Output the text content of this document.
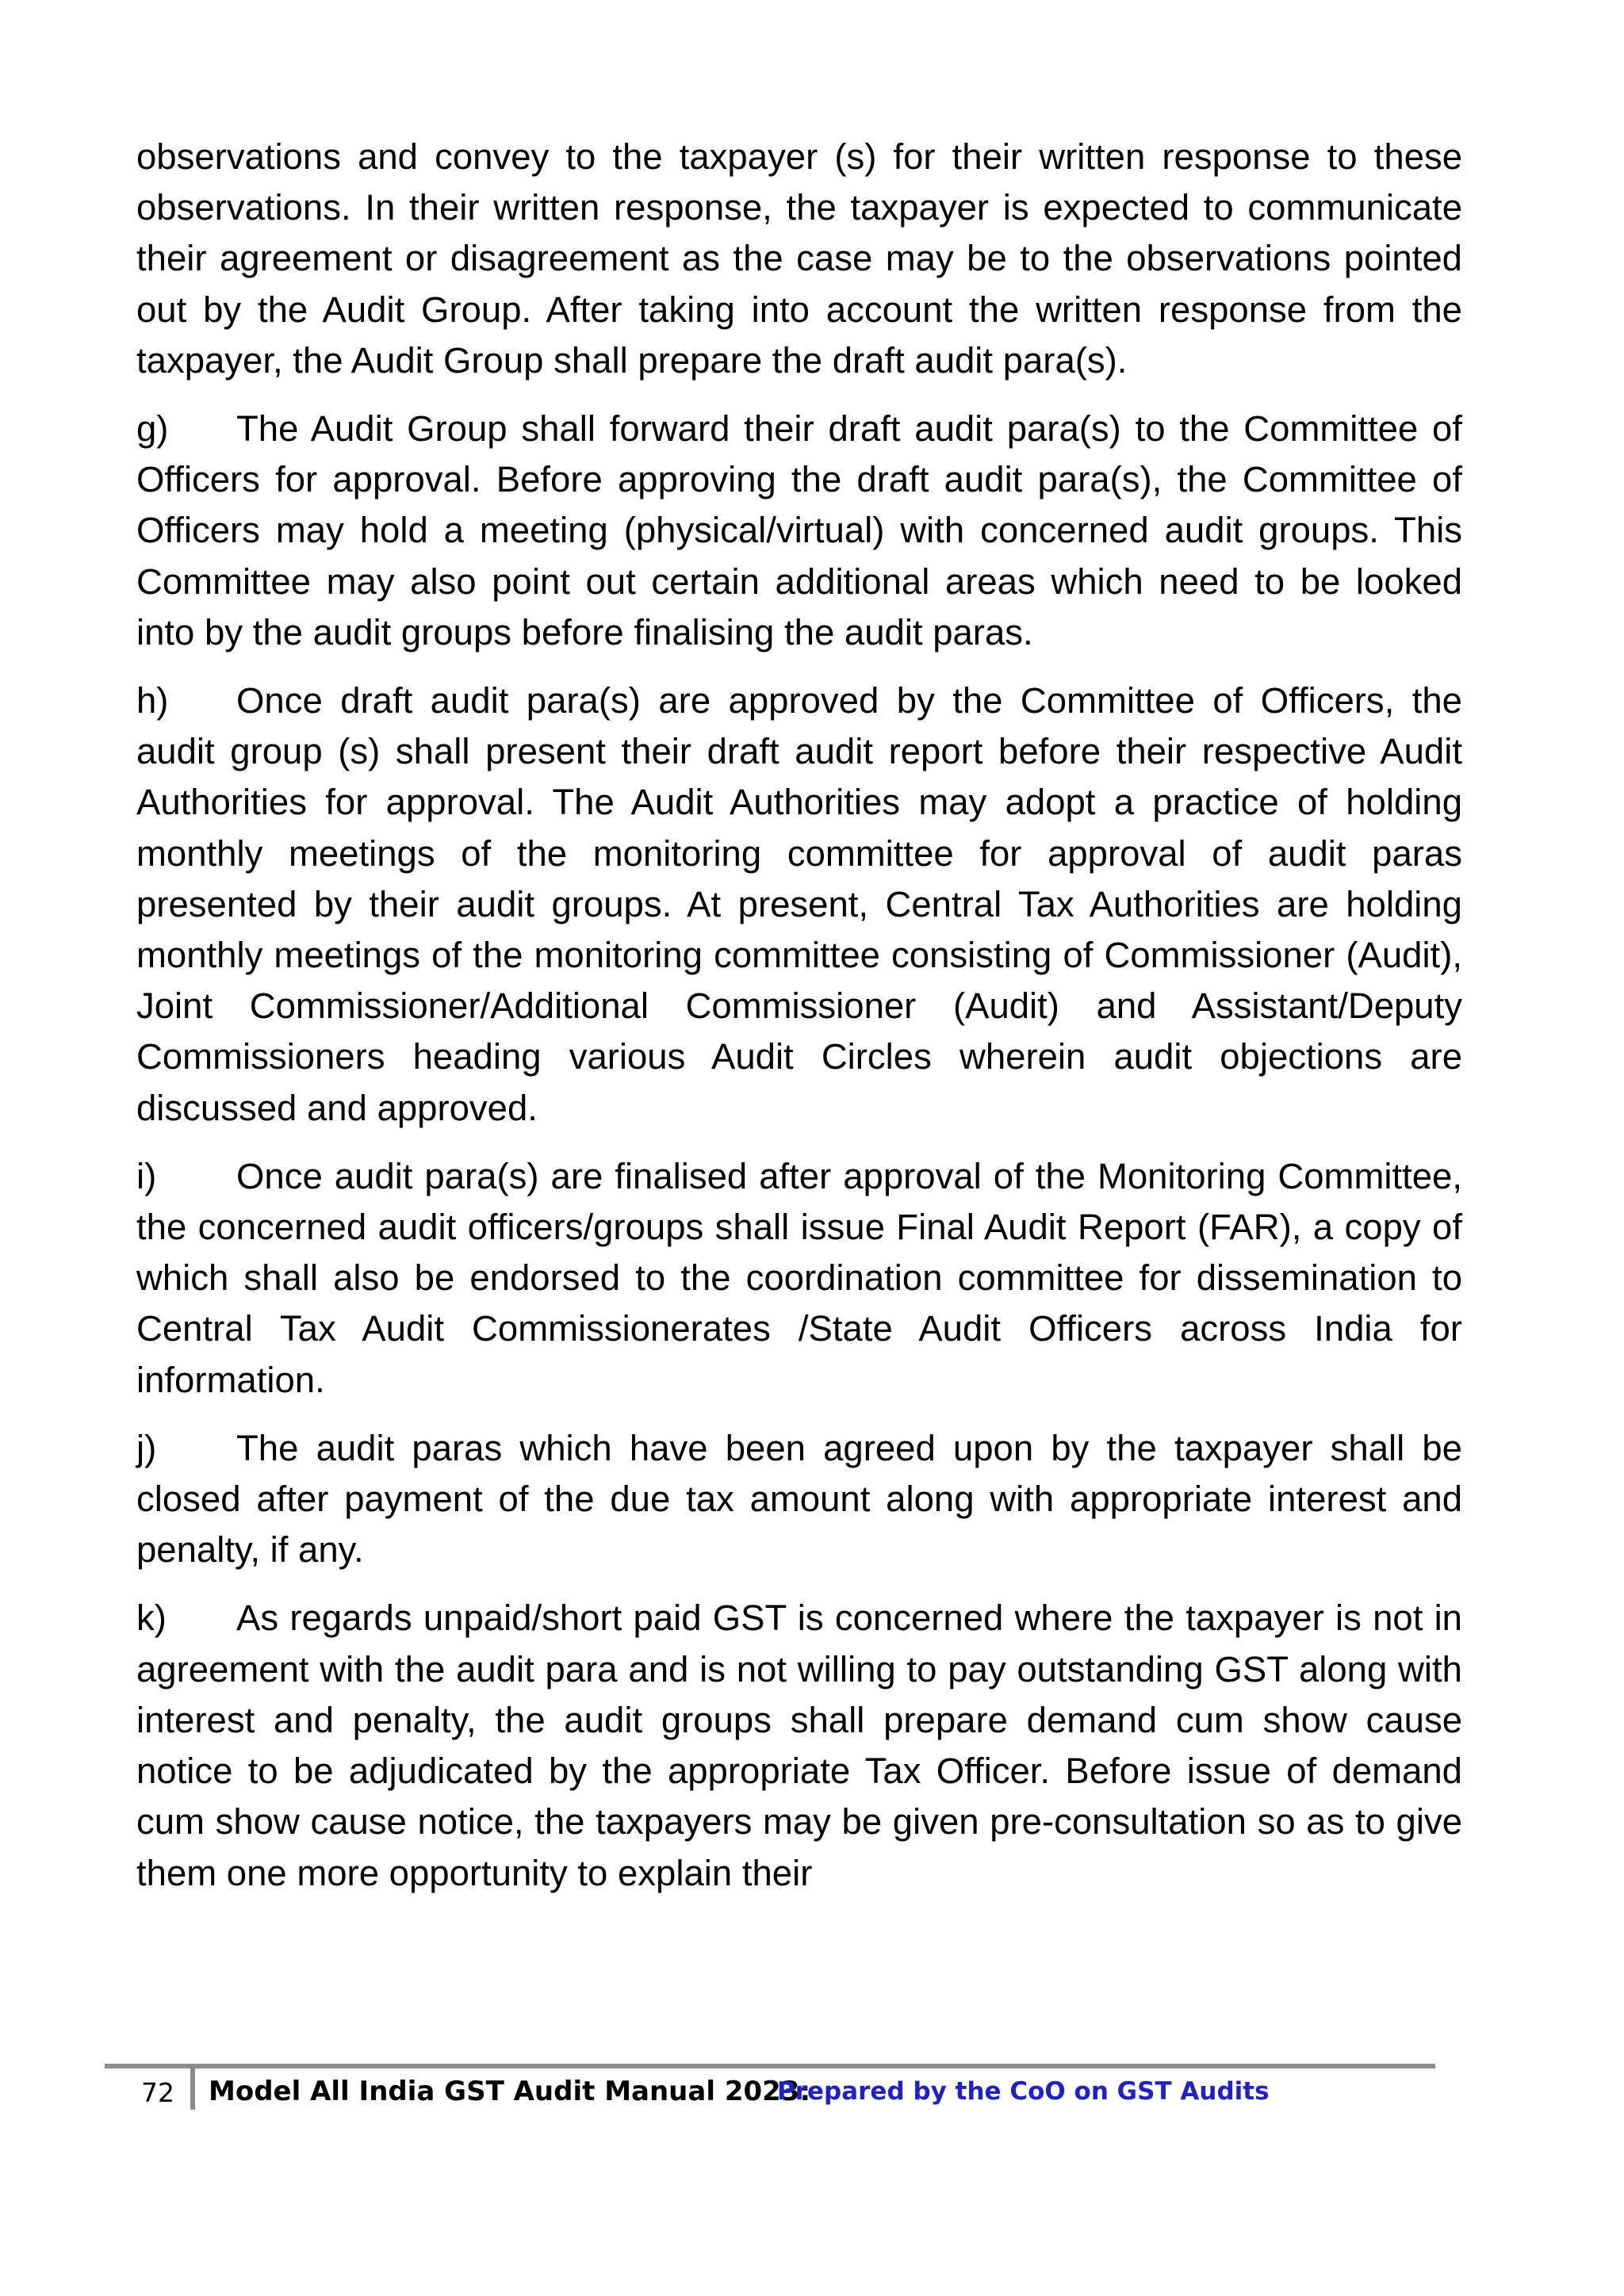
observations and convey to the taxpayer (s) for their written response to these observations. In their written response, the taxpayer is expected to communicate their agreement or disagreement as the case may be to the observations pointed out by the Audit Group. After taking into account the written response from the taxpayer, the Audit Group shall prepare the draft audit para(s).

g) The Audit Group shall forward their draft audit para(s) to the Committee of Officers for approval. Before approving the draft audit para(s), the Committee of Officers may hold a meeting (physical/virtual) with concerned audit groups. This Committee may also point out certain additional areas which need to be looked into by the audit groups before finalising the audit paras.

h) Once draft audit para(s) are approved by the Committee of Officers, the audit group (s) shall present their draft audit report before their respective Audit Authorities for approval. The Audit Authorities may adopt a practice of holding monthly meetings of the monitoring committee for approval of audit paras presented by their audit groups. At present, Central Tax Authorities are holding monthly meetings of the monitoring committee consisting of Commissioner (Audit), Joint Commissioner/Additional Commissioner (Audit) and Assistant/Deputy Commissioners heading various Audit Circles wherein audit objections are discussed and approved.

i) Once audit para(s) are finalised after approval of the Monitoring Committee, the concerned audit officers/groups shall issue Final Audit Report (FAR), a copy of which shall also be endorsed to the coordination committee for dissemination to Central Tax Audit Commissionerates /State Audit Officers across India for information.

j) The audit paras which have been agreed upon by the taxpayer shall be closed after payment of the due tax amount along with appropriate interest and penalty, if any.

k) As regards unpaid/short paid GST is concerned where the taxpayer is not in agreement with the audit para and is not willing to pay outstanding GST along with interest and penalty, the audit groups shall prepare demand cum show cause notice to be adjudicated by the appropriate Tax Officer. Before issue of demand cum show cause notice, the taxpayers may be given pre-consultation so as to give them one more opportunity to explain their

72 Model All India GST Audit Manual 2023:
Prepared by the CoO on GST Audits
